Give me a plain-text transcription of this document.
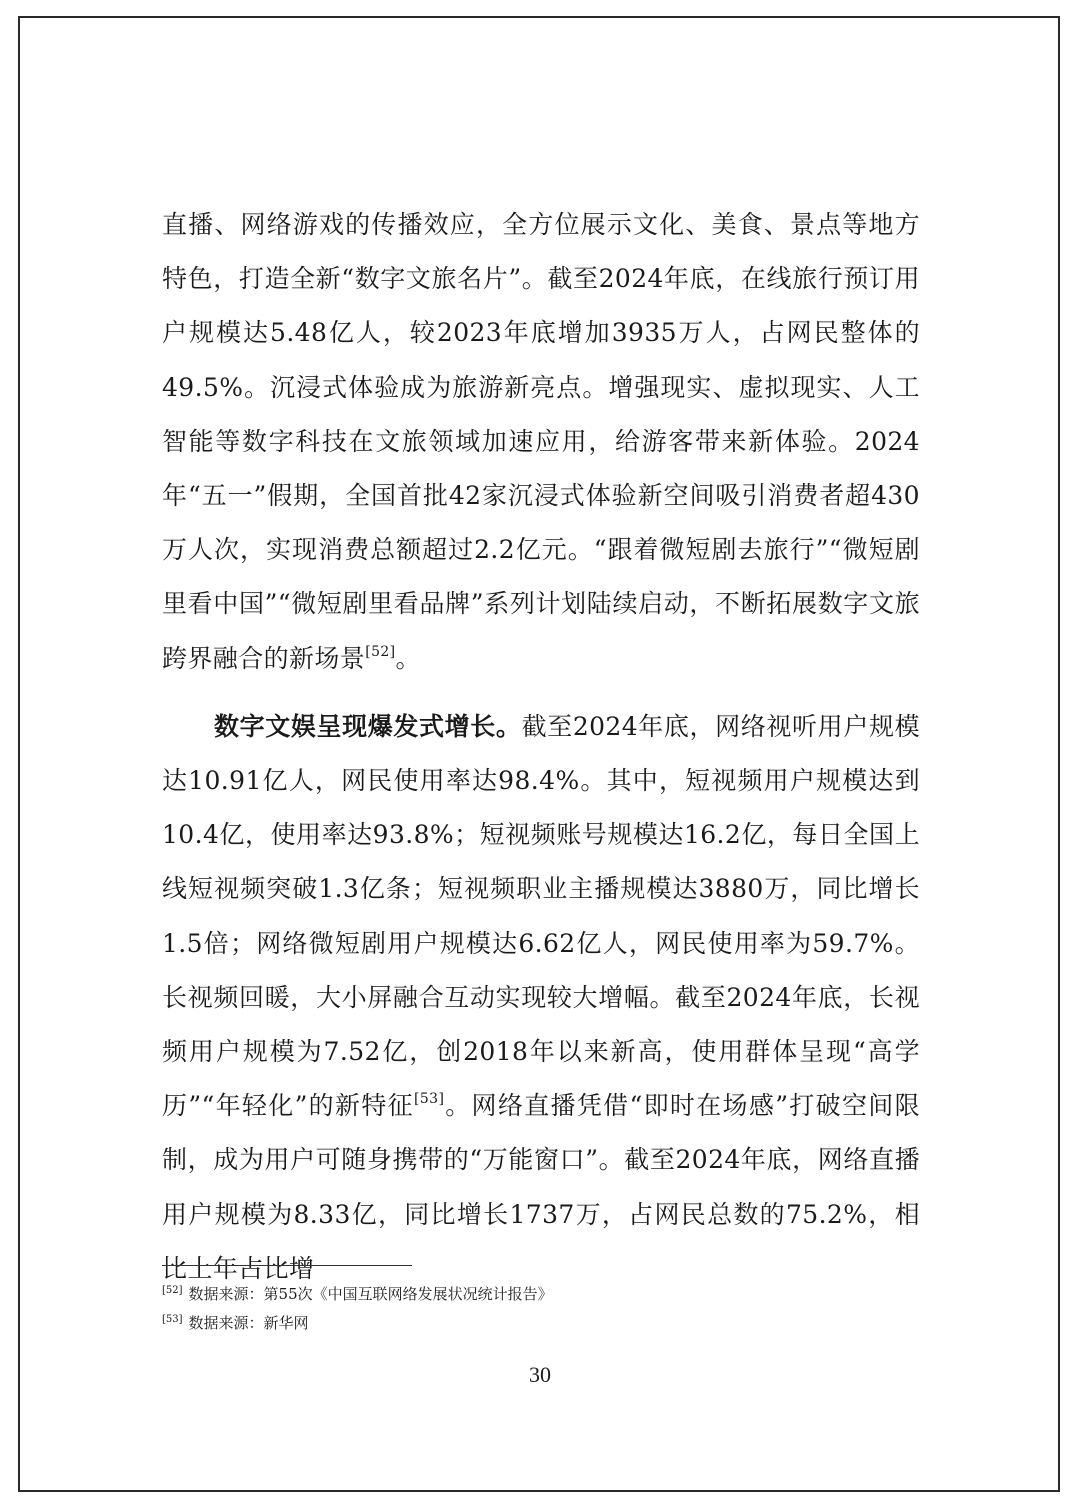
直播、网络游戏的传播效应，全方位展示文化、美食、景点等地方特色，打造全新“数字文旅名片”。截至2024年底，在线旅行预订用户规模达5.48亿人，较2023年底增加3935万人，占网民整体的49.5%。沉浸式体验成为旅游新亮点。增强现实、虚拟现实、人工智能等数字科技在文旅领域加速应用，给游客带来新体验。2024年“五一”假期，全国首批42家沉浸式体验新空间吸引消费者超430万人次，实现消费总额超过2.2亿元。“跟着微短剧去旅行”“微短剧里看中国”“微短剧里看品牌”系列计划陆续启动，不断拓展数字文旅跨界融合的新场景[52]。

数字文娱呈现爆发式增长。截至2024年底，网络视听用户规模达10.91亿人，网民使用率达98.4%。其中，短视频用户规模达到10.4亿，使用率达93.8%；短视频账号规模达16.2亿，每日全国上线短视频突破1.3亿条；短视频职业主播规模达3880万，同比增长1.5倍；网络微短剧用户规模达6.62亿人，网民使用率为59.7%。长视频回暖，大小屏融合互动实现较大增幅。截至2024年底，长视频用户规模为7.52亿，创2018年以来新高，使用群体呈现“高学历”“年轻化”的新特征[53]。网络直播凭借“即时在场感”打破空间限制，成为用户可随身携带的“万能窗口”。截至2024年底，网络直播用户规模为8.33亿，同比增长1737万，占网民总数的75.2%，相比上年占比增

[52] 数据来源：第55次《中国互联网络发展状况统计报告》
[53] 数据来源：新华网
30
